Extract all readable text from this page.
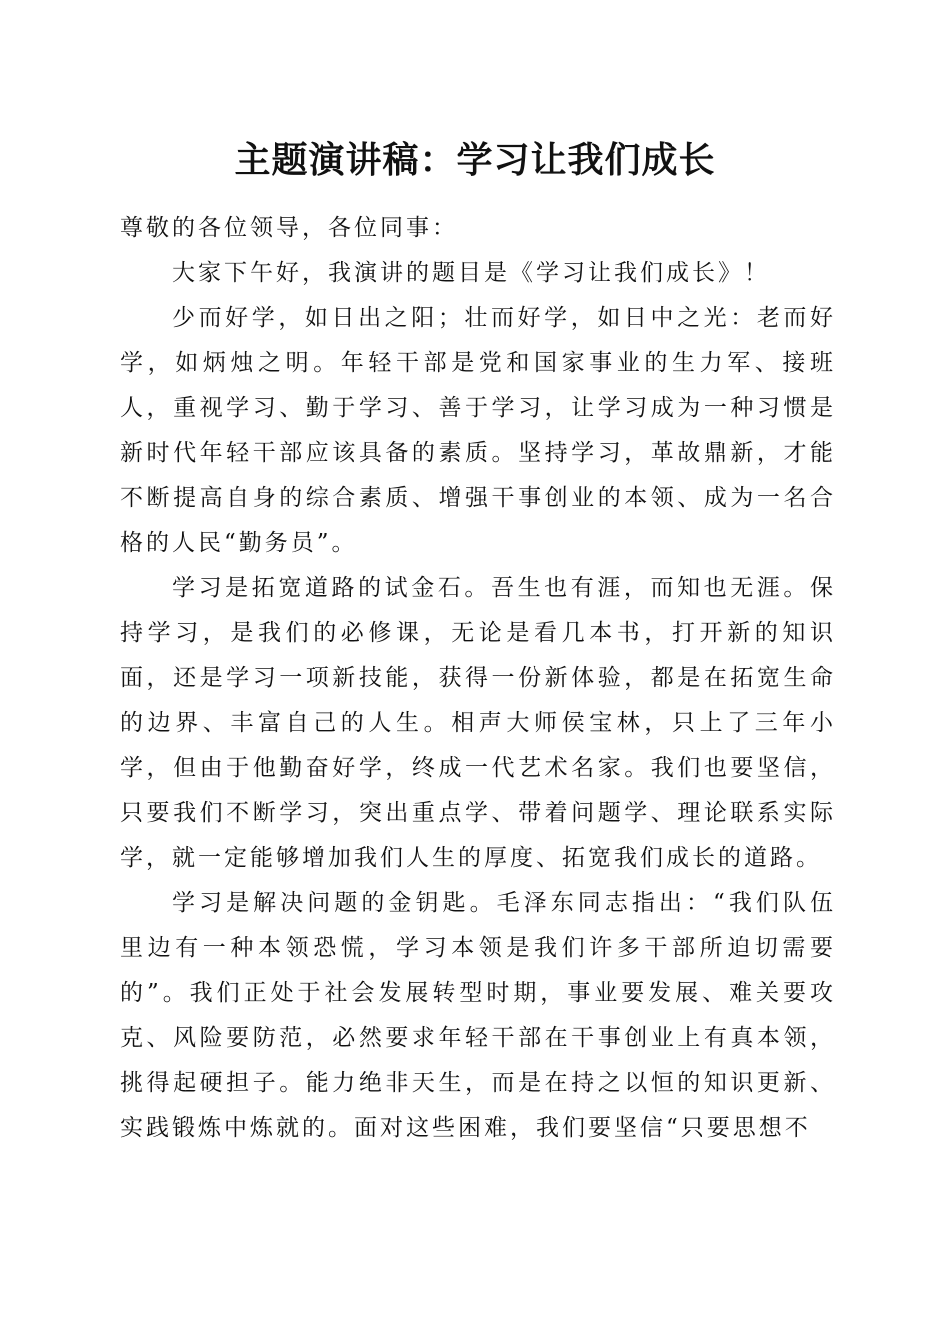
主题演讲稿：学习让我们成长

尊敬的各位领导，各位同事：

大家下午好，我演讲的题目是《学习让我们成长》！

少而好学，如日出之阳；壮而好学，如日中之光：老而好学，如炳烛之明。年轻干部是党和国家事业的生力军、接班人，重视学习、勤于学习、善于学习，让学习成为一种习惯是新时代年轻干部应该具备的素质。坚持学习，革故鼎新，才能不断提高自身的综合素质、增强干事创业的本领、成为一名合格的人民“勤务员”。

学习是拓宽道路的试金石。吾生也有涯，而知也无涯。保持学习，是我们的必修课，无论是看几本书，打开新的知识面，还是学习一项新技能，获得一份新体验，都是在拓宽生命的边界、丰富自己的人生。相声大师侯宝林，只上了三年小学，但由于他勤奋好学，终成一代艺术名家。我们也要坚信，只要我们不断学习，突出重点学、带着问题学、理论联系实际学，就一定能够增加我们人生的厚度、拓宽我们成长的道路。

学习是解决问题的金钥匙。毛泽东同志指出：“我们队伍里边有一种本领恐慌，学习本领是我们许多干部所迫切需要的”。我们正处于社会发展转型时期，事业要发展、难关要攻克、风险要防范，必然要求年轻干部在干事创业上有真本领，挑得起硬担子。能力绝非天生，而是在持之以恒的知识更新、实践锻炼中炼就的。面对这些困难，我们要坚信“只要思想不
